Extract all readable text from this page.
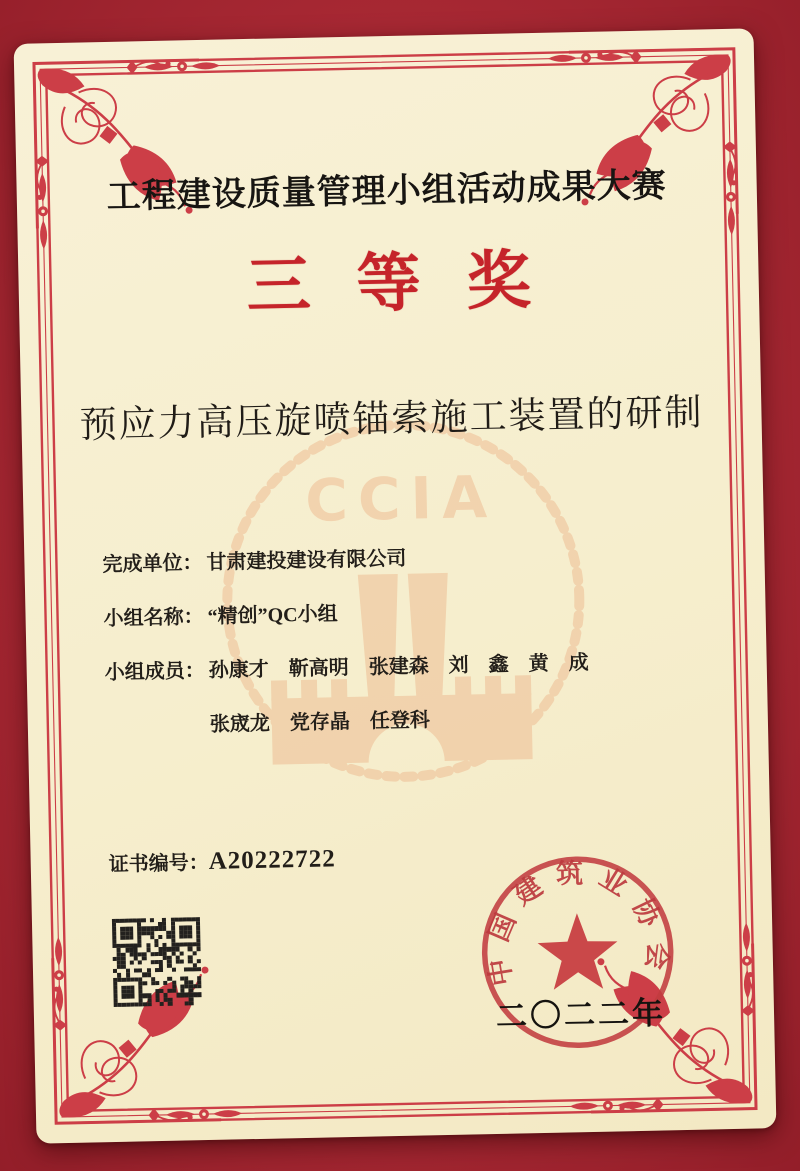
CCIA
工程建设质量管理小组活动成果大赛
三等奖
预应力高压旋喷锚索施工装置的研制
完成单位： 甘肃建投建设有限公司
小组名称： “精创”QC小组
小组成员： 孙康才　靳高明　张建森　刘　鑫　黄　成
张宬龙　党存晶　任登科
证书编号：A20222722
中国建筑业协会
二〇二二年
